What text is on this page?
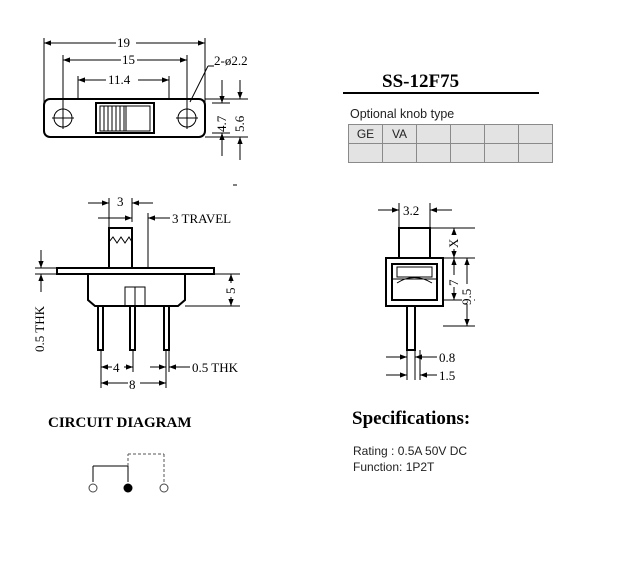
19
15
11.4
2-ø2.2
4.7 5.6
3
3 TRAVEL
0.5 THK
5
4
8
0.5 THK
3.2
X
7
9.5
0.8
1.5
SS-12F75
Optional knob type
GE	VA				

CIRCUIT DIAGRAM	Specifications:
Rating : 0.5A 50V DC
Function: 1P2T
